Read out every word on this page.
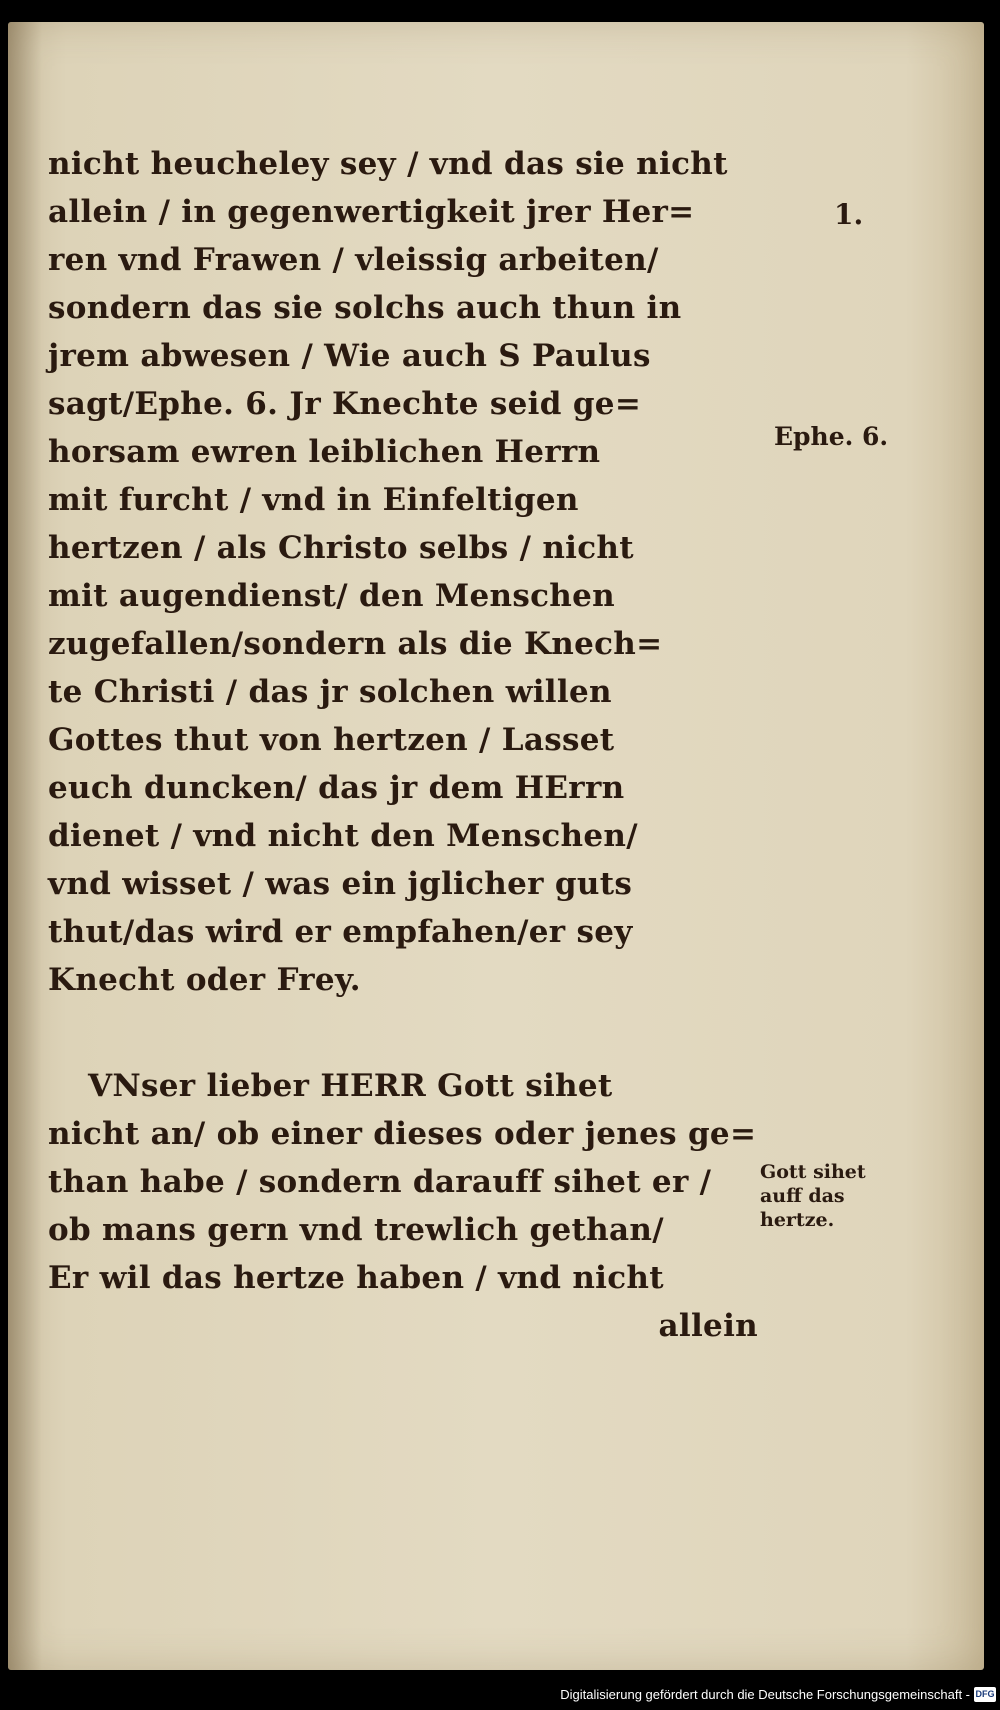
nicht heucheley sey / vnd das sie nicht
allein / in gegenwertigkeit jrer Her=
ren vnd Frawen / vleissig arbeiten/
sondern das sie solchs auch thun in
jrem abwesen / Wie auch S Paulus
sagt/Ephe. 6. Jr Knechte seid ge=
horsam ewren leiblichen Herrn
mit furcht / vnd in Einfeltigen
hertzen / als Christo selbs / nicht
mit augendienst/ den Menschen
zugefallen/sondern als die Knech=
te Christi / das jr solchen willen
Gottes thut von hertzen / Lasset
euch duncken/ das jr dem HErrn
dienet / vnd nicht den Menschen/
vnd wisset / was ein jglicher guts
thut/das wird er empfahen/er sey
Knecht oder Frey.
VNser lieber HERR Gott sihet
nicht an/ ob einer dieses oder jenes ge=
than habe / sondern darauff sihet er /
ob mans gern vnd trewlich gethan/
Er wil das hertze haben / vnd nicht
allein
1.
Ephe. 6.
Gott sihet
auff das
hertze.
Digitalisierung gefördert durch die Deutsche Forschungsgemeinschaft - DFG
